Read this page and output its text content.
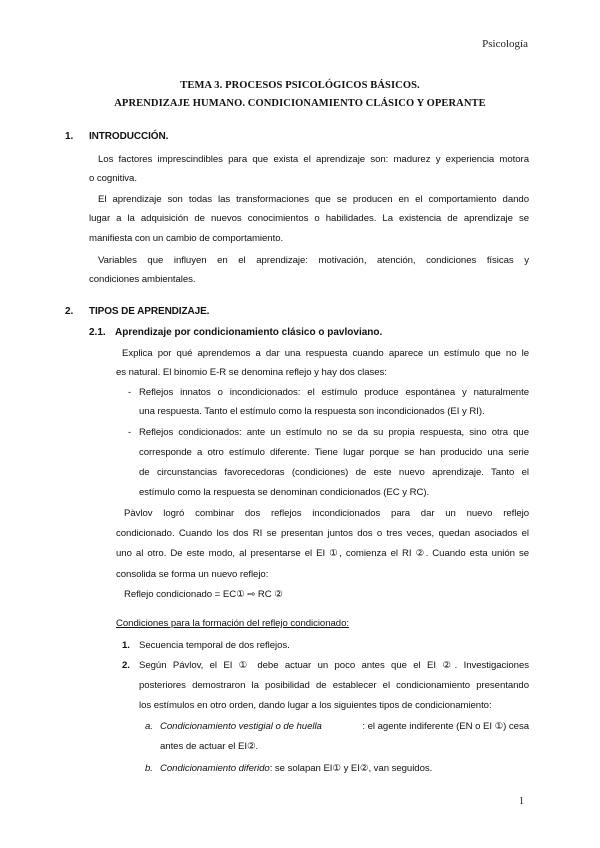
Psicología
TEMA 3. PROCESOS PSICOLÓGICOS BÁSICOS.
APRENDIZAJE HUMANO. CONDICIONAMIENTO CLÁSICO Y OPERANTE
1. INTRODUCCIÓN.
Los factores imprescindibles para que exista el aprendizaje son: madurez y experiencia motora
o cognitiva.
El aprendizaje son todas las transformaciones que se producen en el comportamiento dando
lugar a la adquisición de nuevos conocimientos o habilidades. La existencia de aprendizaje se
manifiesta con un cambio de comportamiento.
Variables que influyen en el aprendizaje: motivación, atención, condiciones físicas y
condiciones ambientales.
2. TIPOS DE APRENDIZAJE.
2.1. Aprendizaje por condicionamiento clásico o pavloviano.
Explica por qué aprendemos a dar una respuesta cuando aparece un estímulo que no le
es natural. El binomio E-R se denomina reflejo y hay dos clases:
- Reflejos innatos o incondicionados: el estímulo produce espontánea y naturalmente
una respuesta. Tanto el estímulo como la respuesta son incondicionados (EI y RI).
- Reflejos condicionados: ante un estímulo no se da su propia respuesta, sino otra que
corresponde a otro estímulo diferente. Tiene lugar porque se han producido una serie
de circunstancias favorecedoras (condiciones) de este nuevo aprendizaje. Tanto el
estímulo como la respuesta se denominan condicionados (EC y RC).
Pàvlov logró combinar dos reflejos incondicionados para dar un nuevo reflejo
condicionado. Cuando los dos RI se presentan juntos dos o tres veces, quedan asociados el
uno al otro. De este modo, al presentarse el EI ①, comienza el RI ②. Cuando esta unión se
consolida se forma un nuevo reflejo:
Reflejo condicionado = EC① ⇨ RC ②
Condiciones para la formación del reflejo condicionado:
1. Secuencia temporal de dos reflejos.
2. Según Pávlov, el EI ① debe actuar un poco antes que el EI ②. Investigaciones
posteriores demostraron la posibilidad de establecer el condicionamiento presentando
los estímulos en otro orden, dando lugar a los siguientes tipos de condicionamiento:
a. Condicionamiento vestigial o de huella	: el agente indiferente (EN o EI ①) cesa
antes de actuar el EI②.
b. Condicionamiento diferido: se solapan EI① y EI②, van seguidos.
1
